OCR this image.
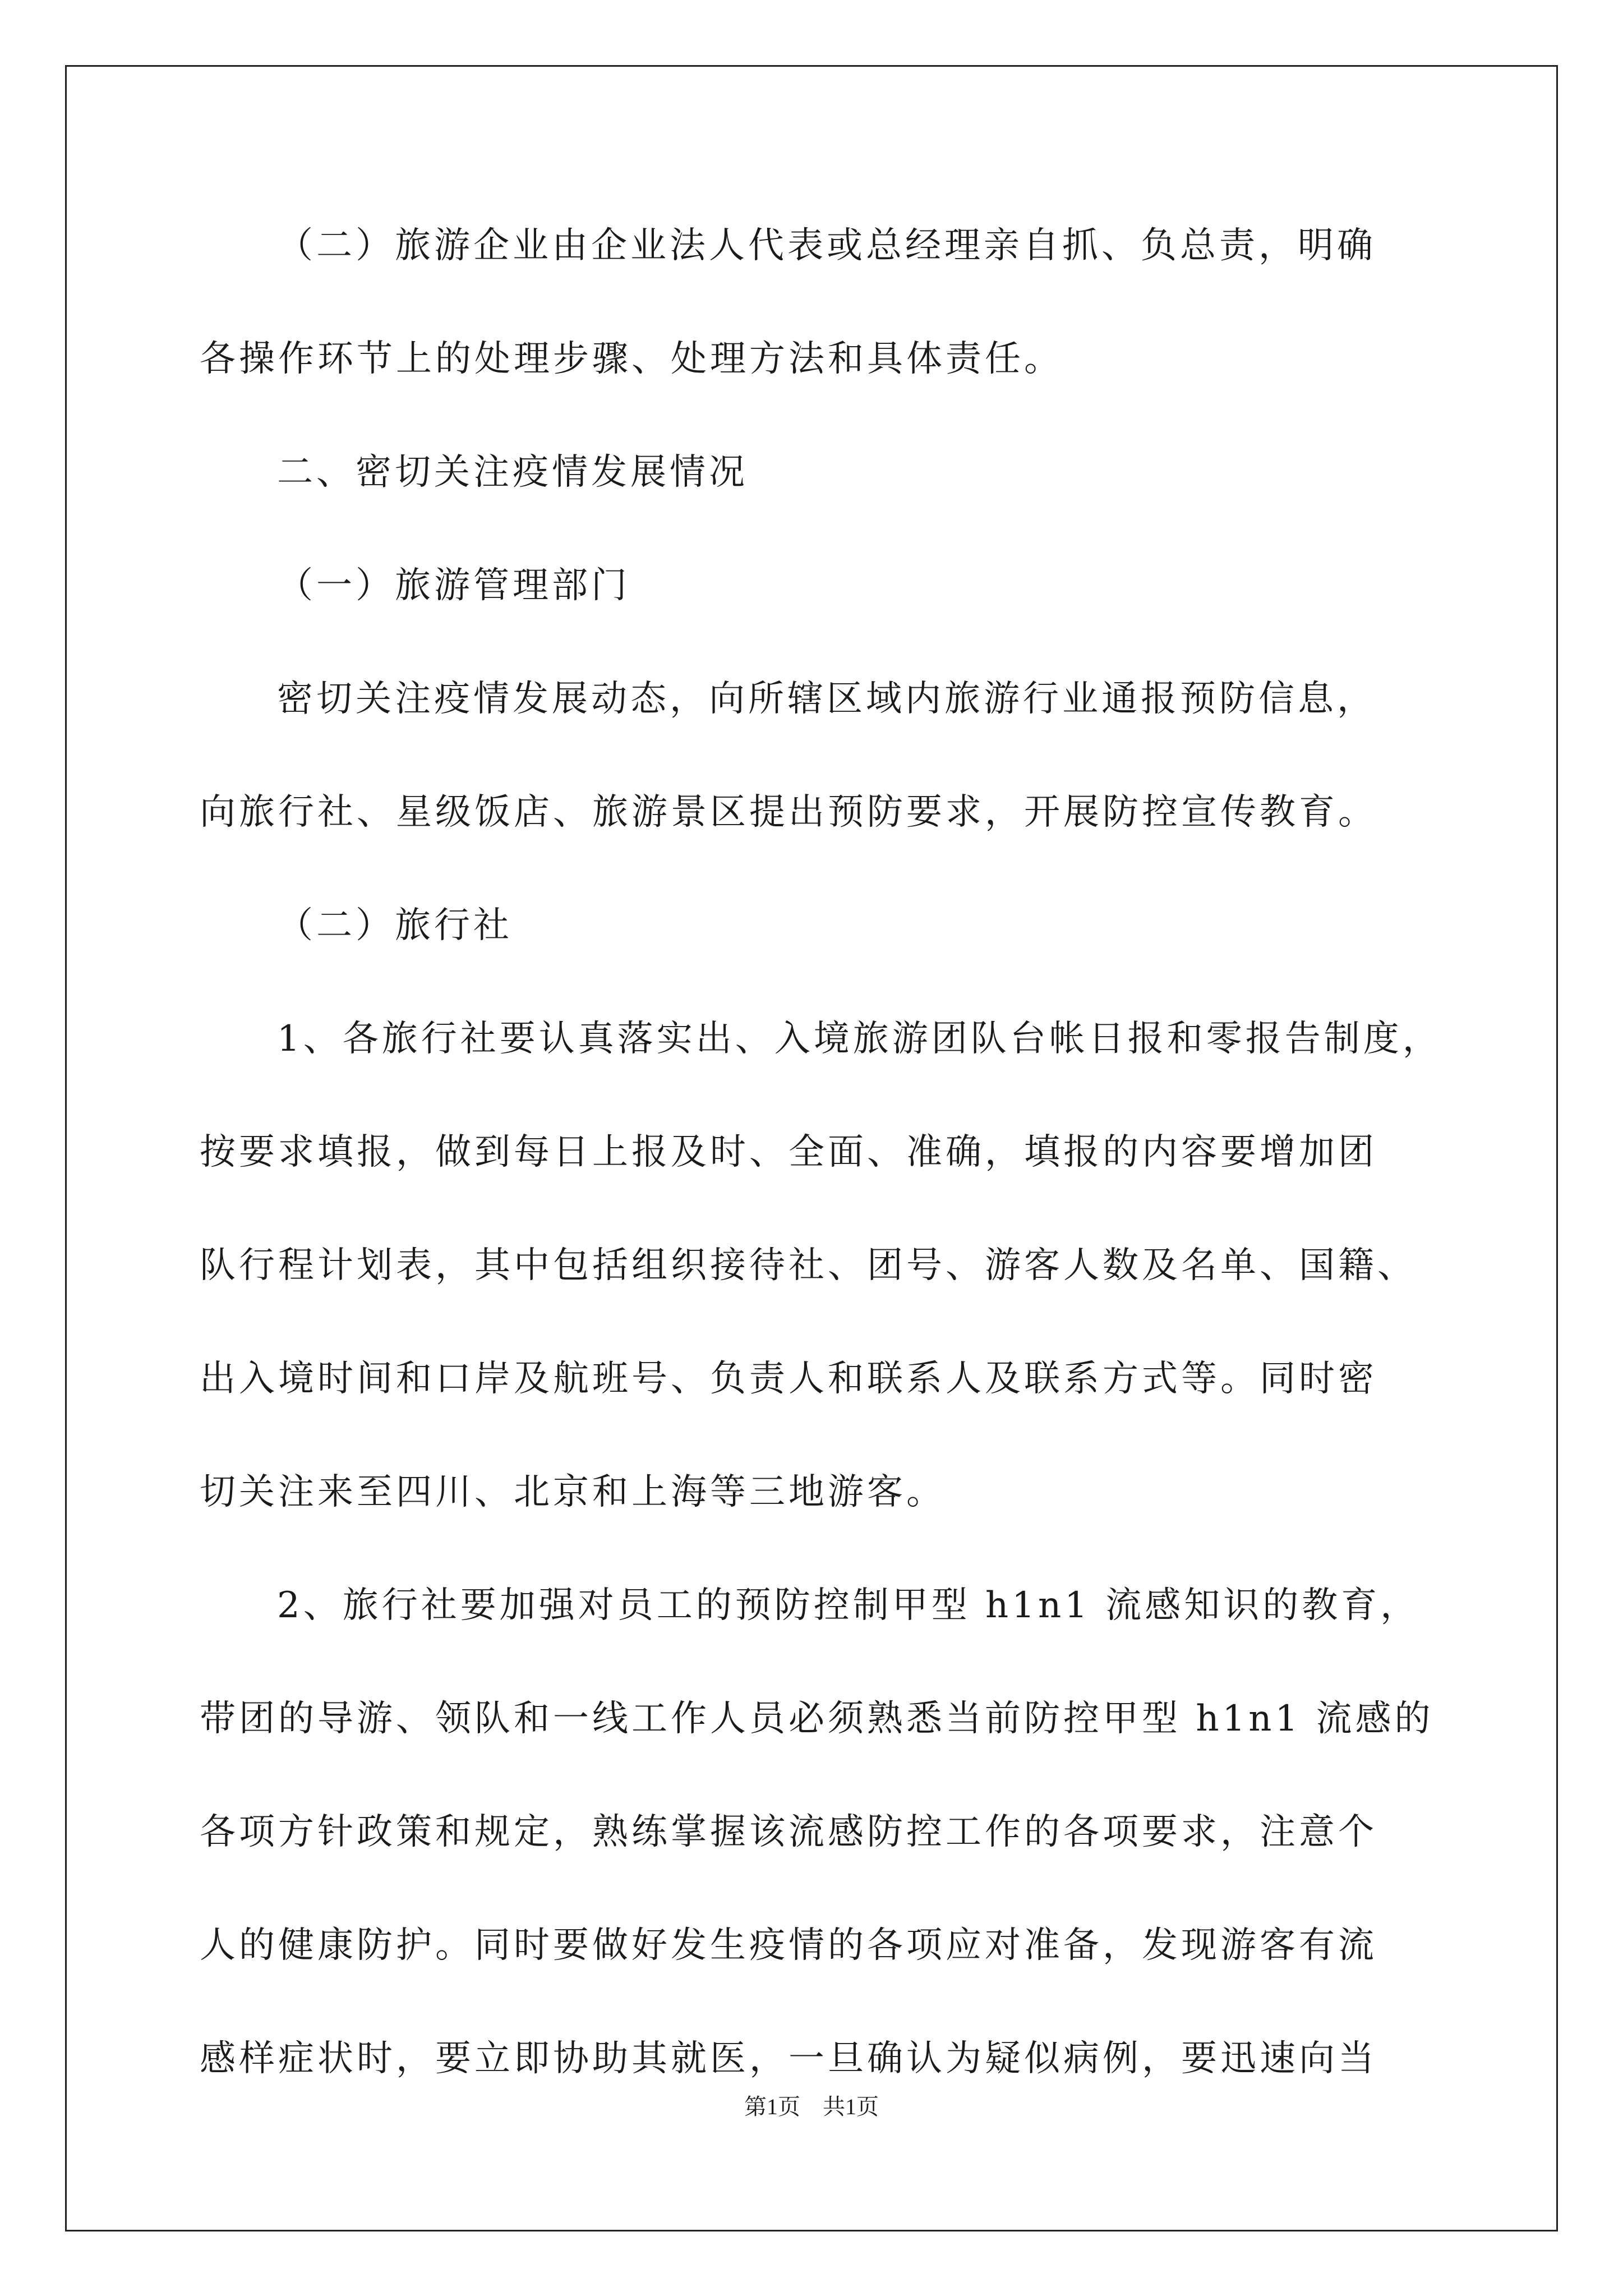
（二）旅游企业由企业法人代表或总经理亲自抓、负总责，明确
各操作环节上的处理步骤、处理方法和具体责任。
二、密切关注疫情发展情况
（一）旅游管理部门
密切关注疫情发展动态，向所辖区域内旅游行业通报预防信息，
向旅行社、星级饭店、旅游景区提出预防要求，开展防控宣传教育。
（二）旅行社
1、各旅行社要认真落实出、入境旅游团队台帐日报和零报告制度，
按要求填报，做到每日上报及时、全面、准确，填报的内容要增加团
队行程计划表，其中包括组织接待社、团号、游客人数及名单、国籍、
出入境时间和口岸及航班号、负责人和联系人及联系方式等。同时密
切关注来至四川、北京和上海等三地游客。
2、旅行社要加强对员工的预防控制甲型 h1n1 流感知识的教育，
带团的导游、领队和一线工作人员必须熟悉当前防控甲型 h1n1 流感的
各项方针政策和规定，熟练掌握该流感防控工作的各项要求，注意个
人的健康防护。同时要做好发生疫情的各项应对准备，发现游客有流
感样症状时，要立即协助其就医，一旦确认为疑似病例，要迅速向当
第1页　共1页
